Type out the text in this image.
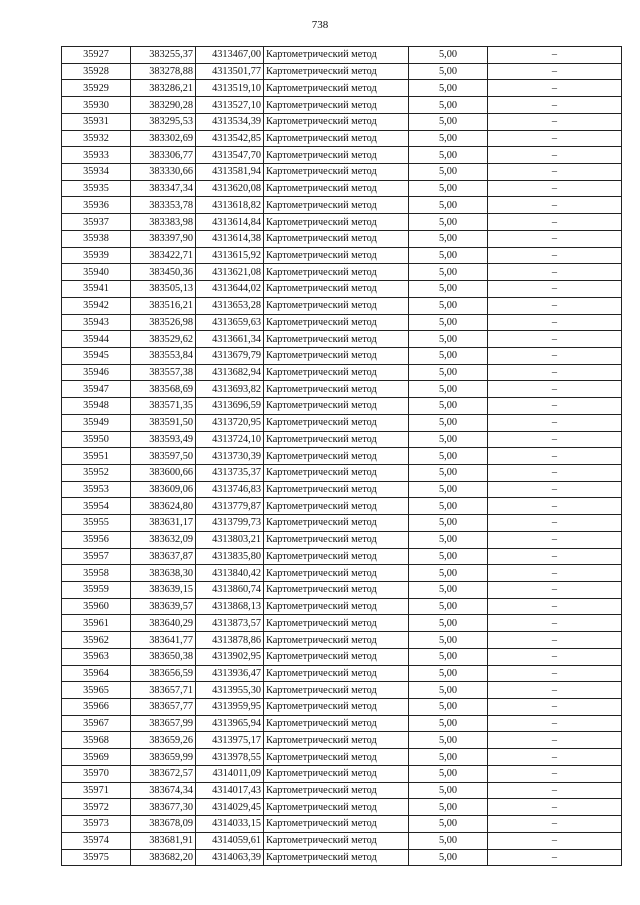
738
35927	383255,37	4313467,00	Картометрический метод	5,00	–
35928	383278,88	4313501,77	Картометрический метод	5,00	–
35929	383286,21	4313519,10	Картометрический метод	5,00	–
35930	383290,28	4313527,10	Картометрический метод	5,00	–
35931	383295,53	4313534,39	Картометрический метод	5,00	–
35932	383302,69	4313542,85	Картометрический метод	5,00	–
35933	383306,77	4313547,70	Картометрический метод	5,00	–
35934	383330,66	4313581,94	Картометрический метод	5,00	–
35935	383347,34	4313620,08	Картометрический метод	5,00	–
35936	383353,78	4313618,82	Картометрический метод	5,00	–
35937	383383,98	4313614,84	Картометрический метод	5,00	–
35938	383397,90	4313614,38	Картометрический метод	5,00	–
35939	383422,71	4313615,92	Картометрический метод	5,00	–
35940	383450,36	4313621,08	Картометрический метод	5,00	–
35941	383505,13	4313644,02	Картометрический метод	5,00	–
35942	383516,21	4313653,28	Картометрический метод	5,00	–
35943	383526,98	4313659,63	Картометрический метод	5,00	–
35944	383529,62	4313661,34	Картометрический метод	5,00	–
35945	383553,84	4313679,79	Картометрический метод	5,00	–
35946	383557,38	4313682,94	Картометрический метод	5,00	–
35947	383568,69	4313693,82	Картометрический метод	5,00	–
35948	383571,35	4313696,59	Картометрический метод	5,00	–
35949	383591,50	4313720,95	Картометрический метод	5,00	–
35950	383593,49	4313724,10	Картометрический метод	5,00	–
35951	383597,50	4313730,39	Картометрический метод	5,00	–
35952	383600,66	4313735,37	Картометрический метод	5,00	–
35953	383609,06	4313746,83	Картометрический метод	5,00	–
35954	383624,80	4313779,87	Картометрический метод	5,00	–
35955	383631,17	4313799,73	Картометрический метод	5,00	–
35956	383632,09	4313803,21	Картометрический метод	5,00	–
35957	383637,87	4313835,80	Картометрический метод	5,00	–
35958	383638,30	4313840,42	Картометрический метод	5,00	–
35959	383639,15	4313860,74	Картометрический метод	5,00	–
35960	383639,57	4313868,13	Картометрический метод	5,00	–
35961	383640,29	4313873,57	Картометрический метод	5,00	–
35962	383641,77	4313878,86	Картометрический метод	5,00	–
35963	383650,38	4313902,95	Картометрический метод	5,00	–
35964	383656,59	4313936,47	Картометрический метод	5,00	–
35965	383657,71	4313955,30	Картометрический метод	5,00	–
35966	383657,77	4313959,95	Картометрический метод	5,00	–
35967	383657,99	4313965,94	Картометрический метод	5,00	–
35968	383659,26	4313975,17	Картометрический метод	5,00	–
35969	383659,99	4313978,55	Картометрический метод	5,00	–
35970	383672,57	4314011,09	Картометрический метод	5,00	–
35971	383674,34	4314017,43	Картометрический метод	5,00	–
35972	383677,30	4314029,45	Картометрический метод	5,00	–
35973	383678,09	4314033,15	Картометрический метод	5,00	–
35974	383681,91	4314059,61	Картометрический метод	5,00	–
35975	383682,20	4314063,39	Картометрический метод	5,00	–
